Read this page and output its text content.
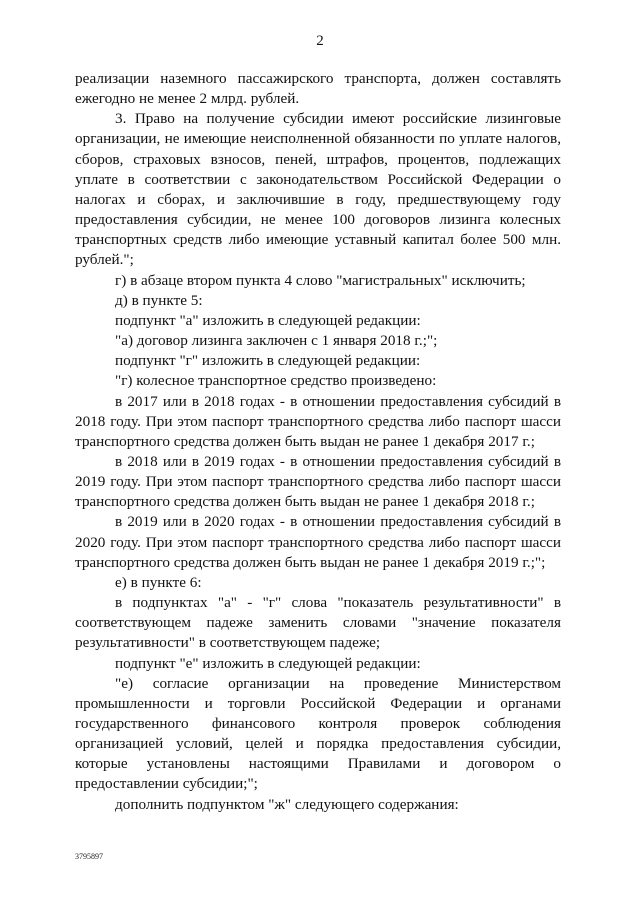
2

реализации наземного пассажирского транспорта, должен составлять ежегодно не менее 2 млрд. рублей.

3. Право на получение субсидии имеют российские лизинговые организации, не имеющие неисполненной обязанности по уплате налогов, сборов, страховых взносов, пеней, штрафов, процентов, подлежащих уплате в соответствии с законодательством Российской Федерации о налогах и сборах, и заключившие в году, предшествующему году предоставления субсидии, не менее 100 договоров лизинга колесных транспортных средств либо имеющие уставный капитал более 500 млн. рублей.";

г) в абзаце втором пункта 4 слово "магистральных" исключить;

д) в пункте 5:

подпункт "а" изложить в следующей редакции:

"а) договор лизинга заключен с 1 января 2018 г.;";

подпункт "г" изложить в следующей редакции:

"г) колесное транспортное средство произведено:

в 2017 или в 2018 годах - в отношении предоставления субсидий в 2018 году. При этом паспорт транспортного средства либо паспорт шасси транспортного средства должен быть выдан не ранее 1 декабря 2017 г.;

в 2018 или в 2019 годах - в отношении предоставления субсидий в 2019 году. При этом паспорт транспортного средства либо паспорт шасси транспортного средства должен быть выдан не ранее 1 декабря 2018 г.;

в 2019 или в 2020 годах - в отношении предоставления субсидий в 2020 году. При этом паспорт транспортного средства либо паспорт шасси транспортного средства должен быть выдан не ранее 1 декабря 2019 г.;";

е) в пункте 6:

в подпунктах "а" - "г" слова "показатель результативности" в соответствующем падеже заменить словами "значение показателя результативности" в соответствующем падеже;

подпункт "е" изложить в следующей редакции:

"е) согласие организации на проведение Министерством промышленности и торговли Российской Федерации и органами государственного финансового контроля проверок соблюдения организацией условий, целей и порядка предоставления субсидии, которые установлены настоящими Правилами и договором о предоставлении субсидии;";

дополнить подпунктом "ж" следующего содержания:

3795897
